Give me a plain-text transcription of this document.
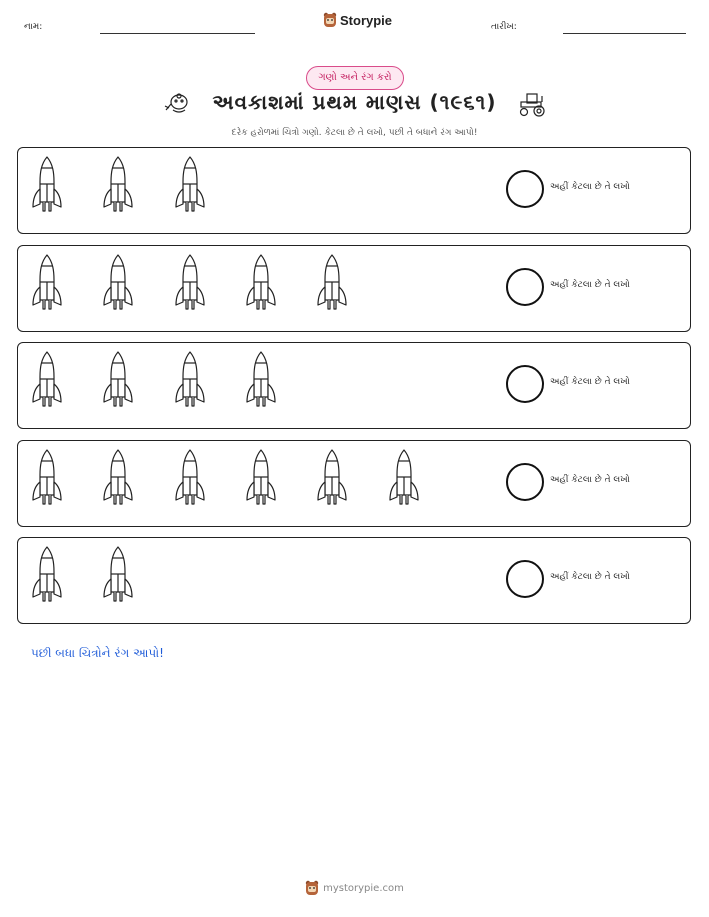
નામ:	Storypie	તારીખ:
ગણો અને રંગ કરો
અવકાશમાં પ્રથમ માણસ (૧૯૬૧)
દરેક હરોળમાં ચિત્રો ગણો. કેટલા છે તે લખો, પછી તે બધાને રંગ આપો!
અહીં કેટલા છે તે લખો
અહીં કેટલા છે તે લખો
અહીં કેટલા છે તે લખો
અહીં કેટલા છે તે લખો
અહીં કેટલા છે તે લખો
પછી બધા ચિત્રોને રંગ આપો!
mystorypie.com
